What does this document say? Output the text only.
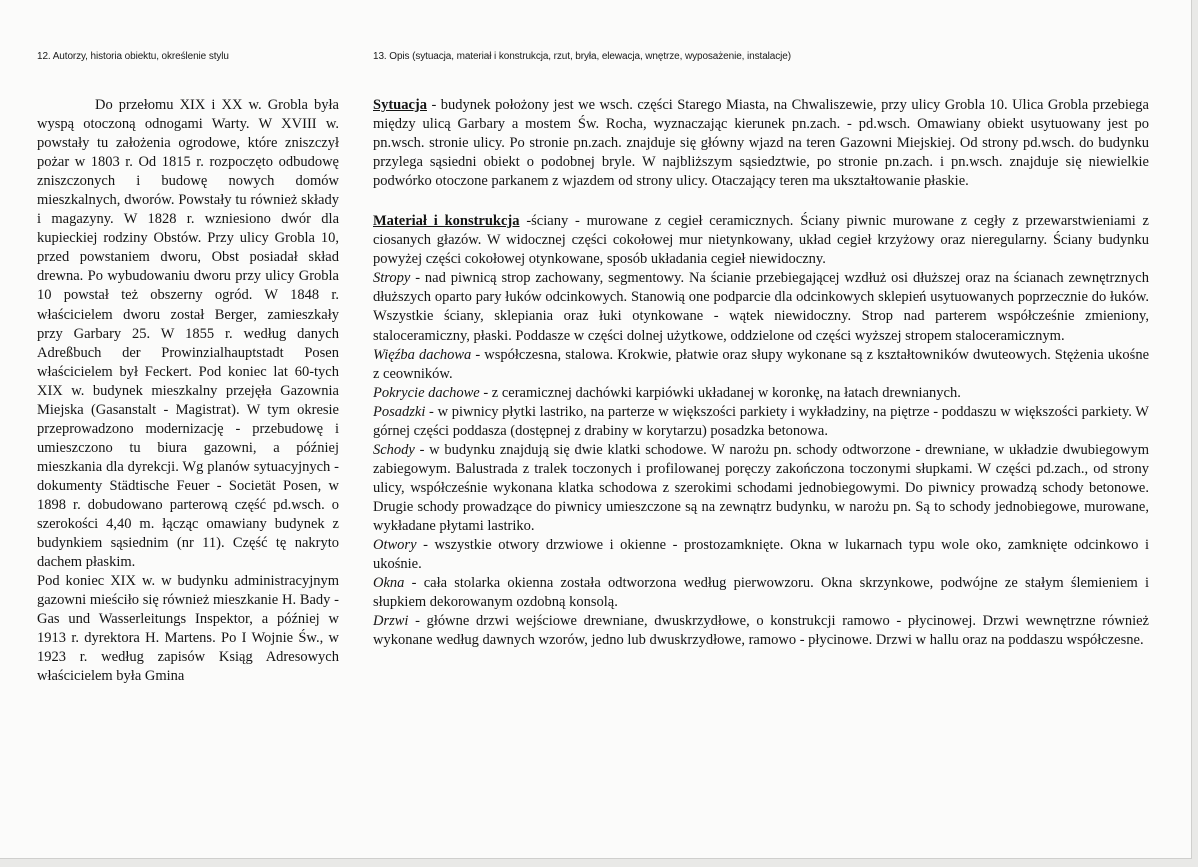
12. Autorzy, historia obiektu, określenie stylu	13. Opis (sytuacja, materiał i konstrukcja, rzut, bryła, elewacja, wnętrze, wyposażenie, instalacje)

Do przełomu XIX i XX w. Grobla była wyspą otoczoną odnogami Warty. W XVIII w. powstały tu założenia ogrodowe, które zniszczył pożar w 1803 r. Od 1815 r. rozpoczęto odbudowę zniszczonych i budowę nowych domów mieszkalnych, dworów. Powstały tu również składy i magazyny. W 1828 r. wzniesiono dwór dla kupieckiej rodziny Obstów. Przy ulicy Grobla 10, przed powstaniem dworu, Obst posiadał skład drewna. Po wybudowaniu dworu przy ulicy Grobla 10 powstał też obszerny ogród. W 1848 r. właścicielem dworu został Berger, zamieszkały przy Garbary 25. W 1855 r. według danych Adreßbuch der Prowinzialhauptstadt Posen właścicielem był Feckert. Pod koniec lat 60-tych XIX w. budynek mieszkalny przejęła Gazownia Miejska (Gasanstalt - Magistrat). W tym okresie przeprowadzono modernizację - przebudowę i umieszczono tu biura gazowni, a później mieszkania dla dyrekcji. Wg planów sytuacyjnych - dokumenty Städtische Feuer - Societät Posen, w 1898 r. dobudowano parterową część pd.wsch. o szerokości 4,40 m. łącząc omawiany budynek z budynkiem sąsiednim (nr 11). Część tę nakryto dachem płaskim.

Pod koniec XIX w. w budynku administracyjnym gazowni mieściło się również mieszkanie H. Bady - Gas und Wasserleitungs Inspektor, a później w 1913 r. dyrektora H. Martens. Po I Wojnie Św., w 1923 r. według zapisów Ksiąg Adresowych właścicielem była Gmina

Sytuacja - budynek położony jest we wsch. części Starego Miasta, na Chwaliszewie, przy ulicy Grobla 10. Ulica Grobla przebiega między ulicą Garbary a mostem Św. Rocha, wyznaczając kierunek pn.zach. - pd.wsch. Omawiany obiekt usytuowany jest po pn.wsch. stronie ulicy. Po stronie pn.zach. znajduje się główny wjazd na teren Gazowni Miejskiej. Od strony pd.wsch. do budynku przylega sąsiedni obiekt o podobnej bryle. W najbliższym sąsiedztwie, po stronie pn.zach. i pn.wsch. znajduje się niewielkie podwórko otoczone parkanem z wjazdem od strony ulicy. Otaczający teren ma ukształtowanie płaskie.

Materiał i konstrukcja -ściany - murowane z cegieł ceramicznych. Ściany piwnic murowane z cegły z przewarstwieniami z ciosanych głazów. W widocznej części cokołowej mur nietynkowany, układ cegieł krzyżowy oraz nieregularny. Ściany budynku powyżej części cokołowej otynkowane, sposób układania cegieł niewidoczny.

Stropy - nad piwnicą strop zachowany, segmentowy. Na ścianie przebiegającej wzdłuż osi dłuższej oraz na ścianach zewnętrznych dłuższych oparto pary łuków odcinkowych. Stanowią one podparcie dla odcinkowych sklepień usytuowanych poprzecznie do łuków. Wszystkie ściany, sklepiania oraz łuki otynkowane - wątek niewidoczny. Strop nad parterem współcześnie zmieniony, staloceramiczny, płaski. Poddasze w części dolnej użytkowe, oddzielone od części wyższej stropem staloceramicznym.

Więźba dachowa - współczesna, stalowa. Krokwie, płatwie oraz słupy wykonane są z kształtowników dwuteowych. Stężenia ukośne z ceowników.

Pokrycie dachowe - z ceramicznej dachówki karpiówki układanej w koronkę, na łatach drewnianych.

Posadzki - w piwnicy płytki lastriko, na parterze w większości parkiety i wykładziny, na piętrze - poddaszu w większości parkiety. W górnej części poddasza (dostępnej z drabiny w korytarzu) posadzka betonowa.

Schody - w budynku znajdują się dwie klatki schodowe. W narożu pn. schody odtworzone - drewniane, w układzie dwubiegowym zabiegowym. Balustrada z tralek toczonych i profilowanej poręczy zakończona toczonymi słupkami. W części pd.zach., od strony ulicy, współcześnie wykonana klatka schodowa z szerokimi schodami jednobiegowymi. Do piwnicy prowadzą schody betonowe. Drugie schody prowadzące do piwnicy umieszczone są na zewnątrz budynku, w narożu pn. Są to schody jednobiegowe, murowane, wykładane płytami lastriko.

Otwory - wszystkie otwory drzwiowe i okienne - prostozamknięte. Okna w lukarnach typu wole oko, zamknięte odcinkowo i ukośnie.

Okna - cała stolarka okienna została odtworzona według pierwowzoru. Okna skrzynkowe, podwójne ze stałym ślemieniem i słupkiem dekorowanym ozdobną konsolą.

Drzwi - główne drzwi wejściowe drewniane, dwuskrzydłowe, o konstrukcji ramowo - płycinowej. Drzwi wewnętrzne również wykonane według dawnych wzorów, jedno lub dwuskrzydłowe, ramowo - płycinowe. Drzwi w hallu oraz na poddaszu współczesne.
